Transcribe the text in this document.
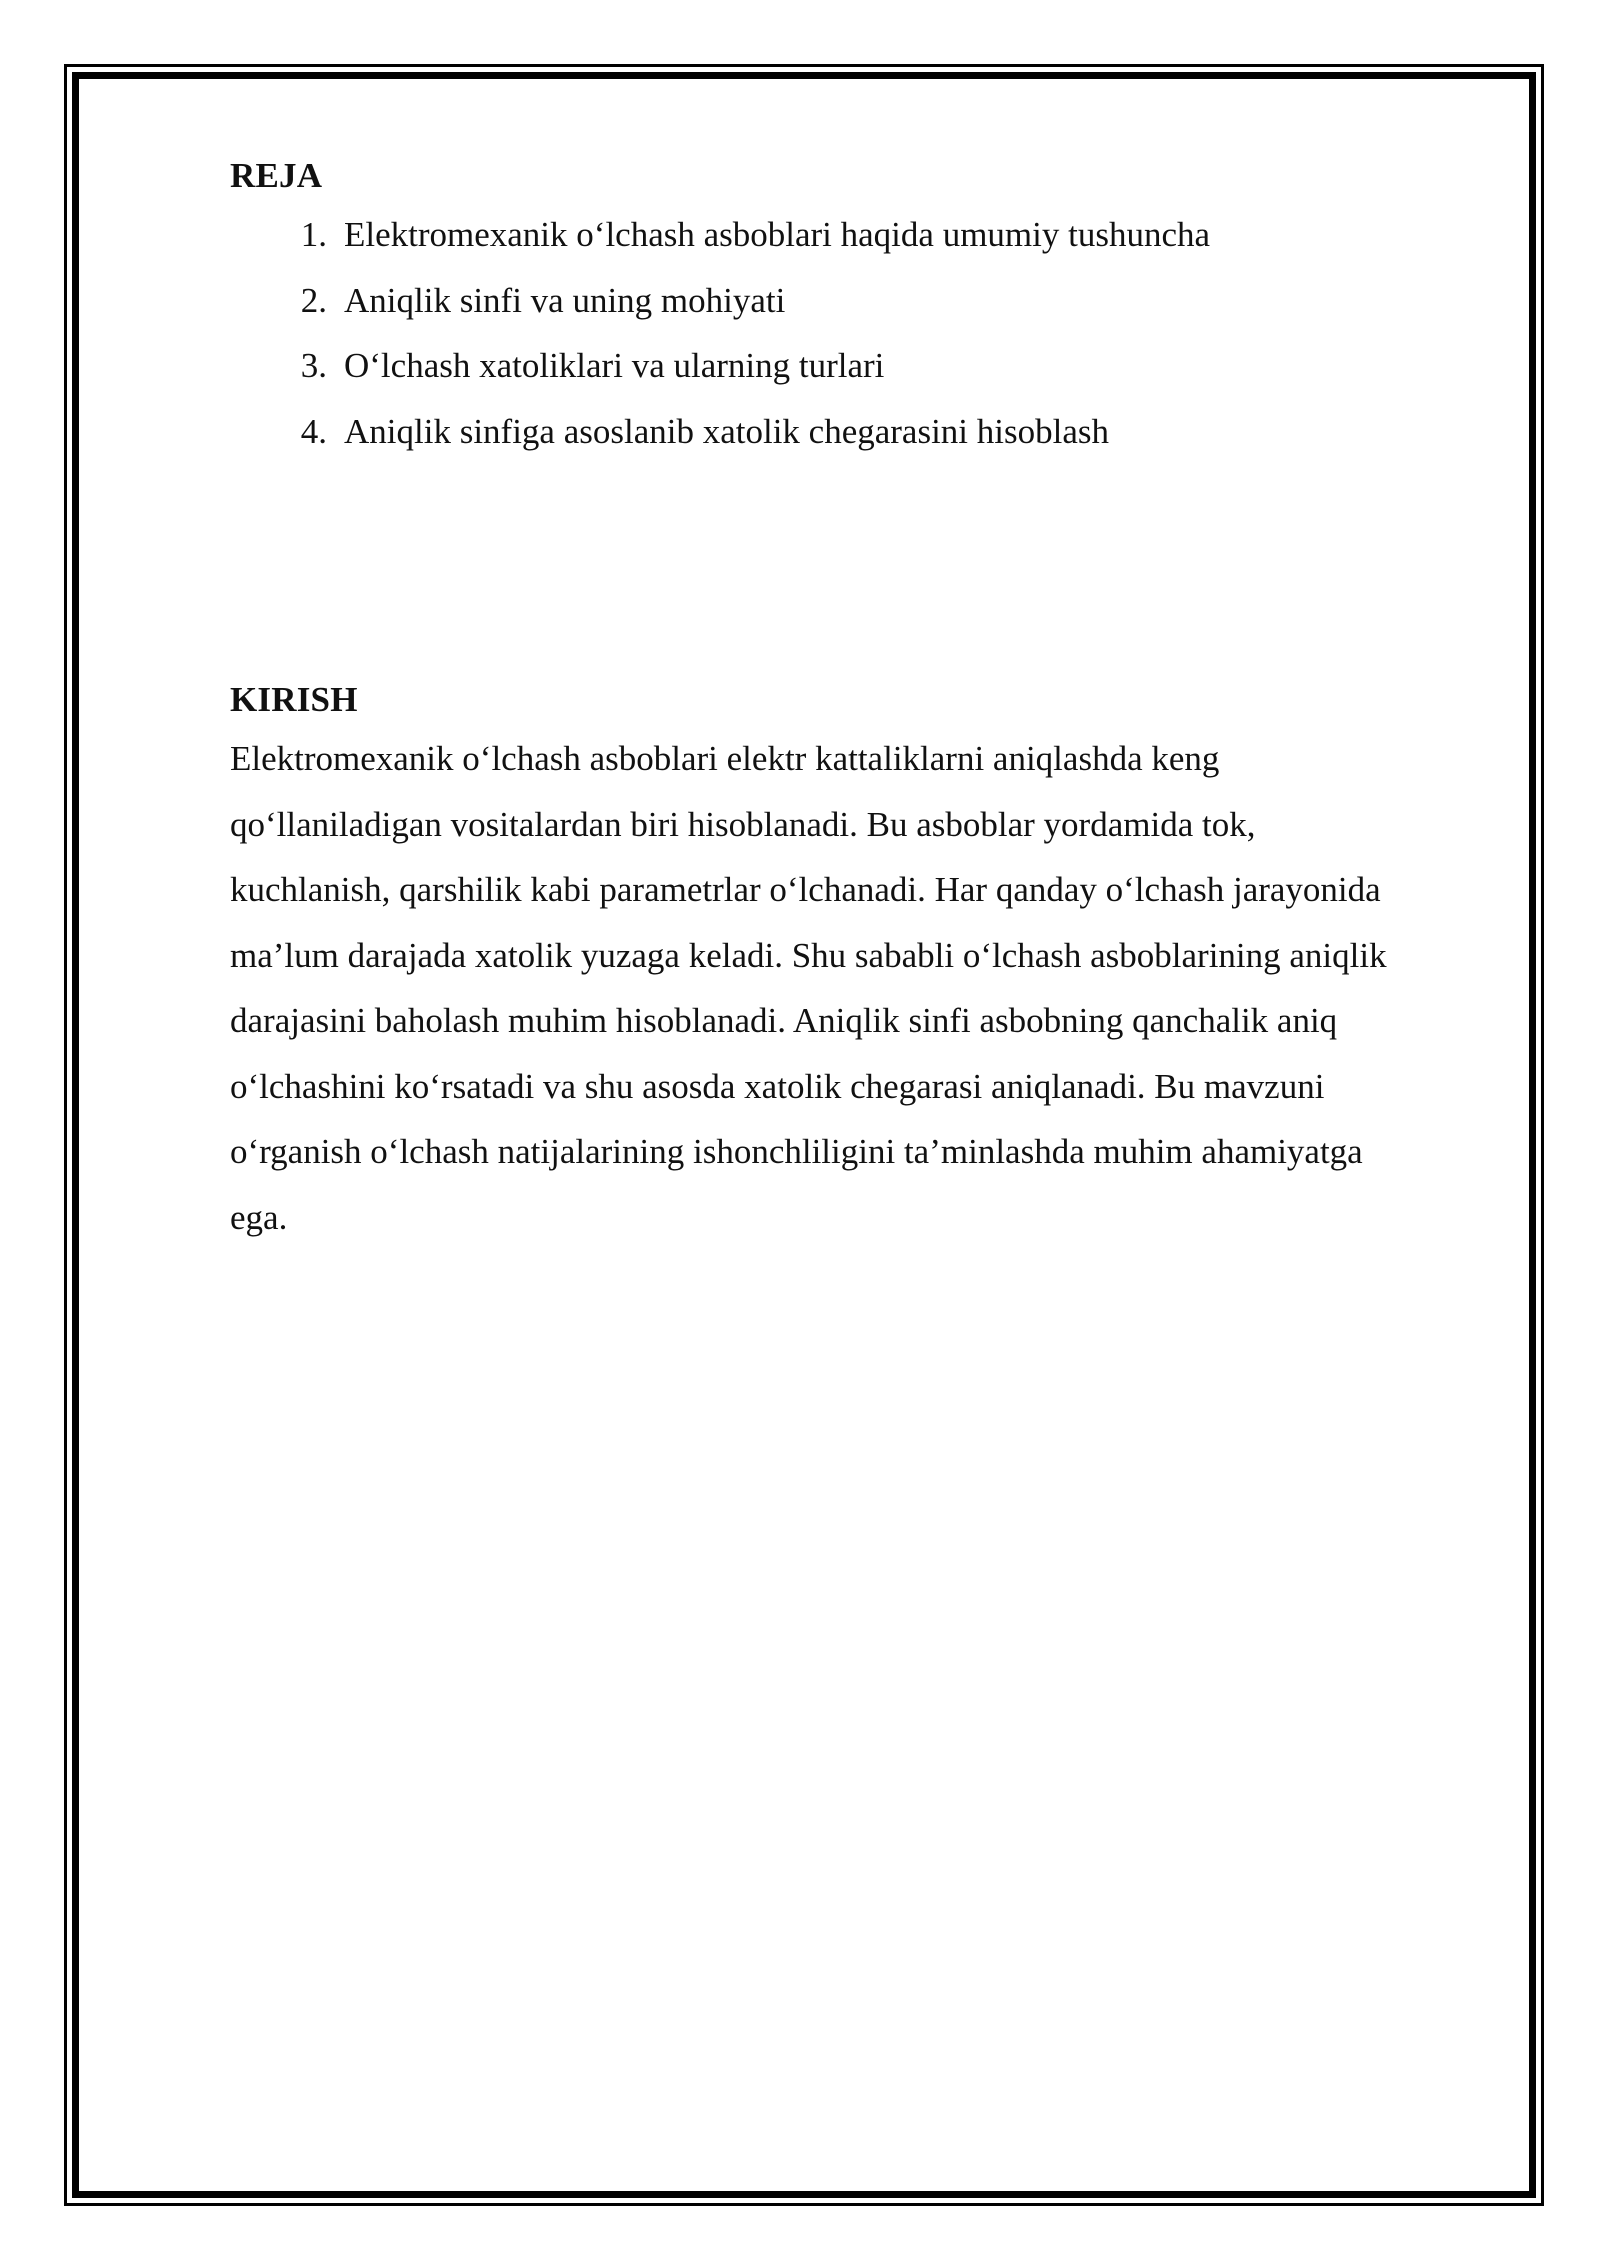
REJA
1. Elektromexanik o‘lchash asboblari haqida umumiy tushuncha
2. Aniqlik sinfi va uning mohiyati
3. O‘lchash xatoliklari va ularning turlari
4. Aniqlik sinfiga asoslanib xatolik chegarasini hisoblash
KIRISH
Elektromexanik o‘lchash asboblari elektr kattaliklarni aniqlashda keng
qo‘llaniladigan vositalardan biri hisoblanadi. Bu asboblar yordamida tok,
kuchlanish, qarshilik kabi parametrlar o‘lchanadi. Har qanday o‘lchash jarayonida
ma’lum darajada xatolik yuzaga keladi. Shu sababli o‘lchash asboblarining aniqlik
darajasini baholash muhim hisoblanadi. Aniqlik sinfi asbobning qanchalik aniq
o‘lchashini ko‘rsatadi va shu asosda xatolik chegarasi aniqlanadi. Bu mavzuni
o‘rganish o‘lchash natijalarining ishonchliligini ta’minlashda muhim ahamiyatga
ega.
